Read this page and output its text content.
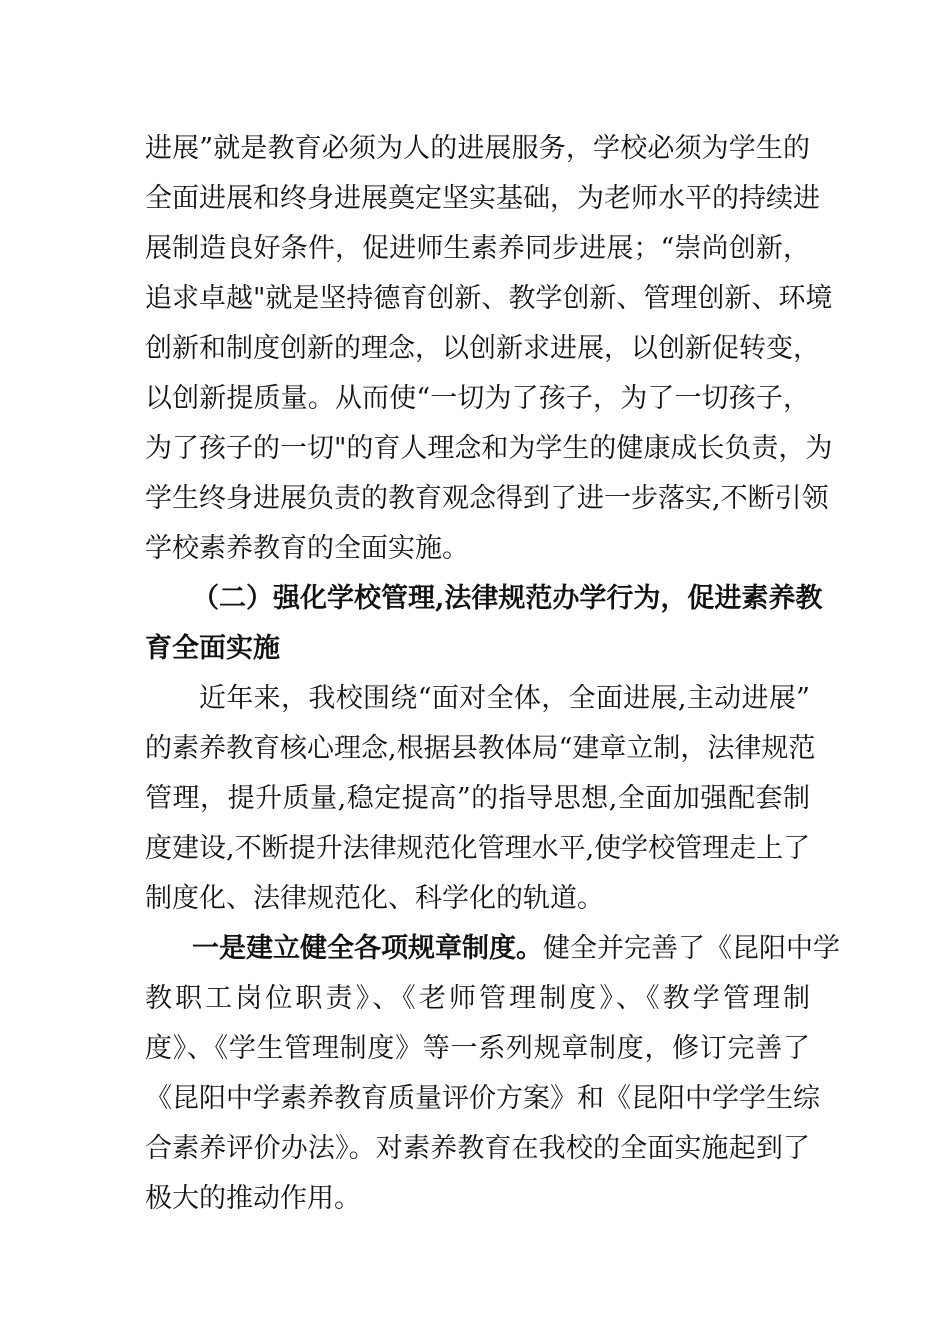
进展”就是教育必须为人的进展服务，学校必须为学生的
全面进展和终身进展奠定坚实基础，为老师水平的持续进
展制造良好条件，促进师生素养同步进展；“崇尚创新，
追求卓越"就是坚持德育创新、教学创新、管理创新、环境
创新和制度创新的理念，以创新求进展，以创新促转变，
以创新提质量。从而使“一切为了孩子，为了一切孩子，
为了孩子的一切"的育人理念和为学生的健康成长负责，为
学生终身进展负责的教育观念得到了进一步落实,不断引领
学校素养教育的全面实施。
（二）强化学校管理,法律规范办学行为，促进素养教
育全面实施
近年来，我校围绕“面对全体，全面进展,主动进展”
的素养教育核心理念,根据县教体局“建章立制，法律规范
管理，提升质量,稳定提高”的指导思想,全面加强配套制
度建设,不断提升法律规范化管理水平,使学校管理走上了
制度化、法律规范化、科学化的轨道。
一是建立健全各项规章制度。健全并完善了《昆阳中学
教职工岗位职责》、《老师管理制度》、《教学管理制
度》、《学生管理制度》等一系列规章制度，修订完善了
《昆阳中学素养教育质量评价方案》和《昆阳中学学生综
合素养评价办法》。对素养教育在我校的全面实施起到了
极大的推动作用。
